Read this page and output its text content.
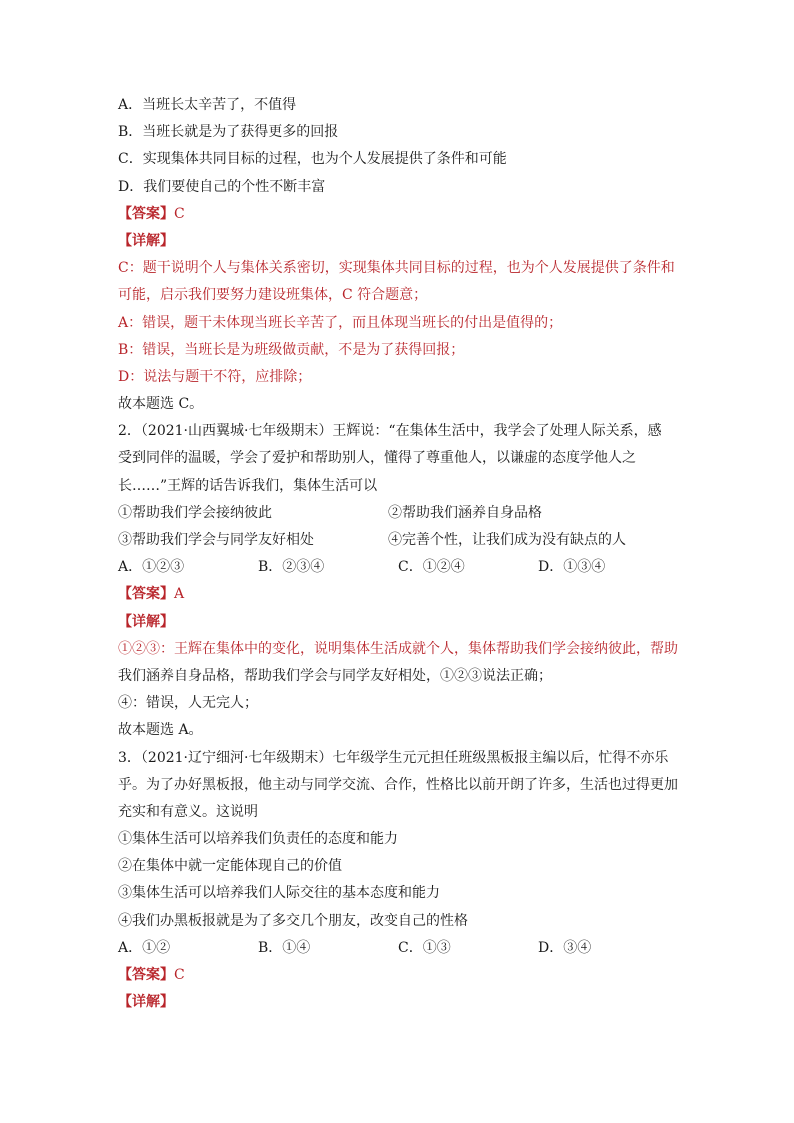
A．当班长太辛苦了，不值得
B．当班长就是为了获得更多的回报
C．实现集体共同目标的过程，也为个人发展提供了条件和可能
D．我们要使自己的个性不断丰富
【答案】C
【详解】
C：题干说明个人与集体关系密切，实现集体共同目标的过程，也为个人发展提供了条件和
可能，启示我们要努力建设班集体，C 符合题意；
A：错误，题干未体现当班长辛苦了，而且体现当班长的付出是值得的；
B：错误，当班长是为班级做贡献，不是为了获得回报；
D：说法与题干不符，应排除；
故本题选 C。
2．（2021·山西翼城·七年级期末）王辉说：“在集体生活中，我学会了处理人际关系，感
受到同伴的温暖，学会了爱护和帮助别人，懂得了尊重他人，以谦虚的态度学他人之
长……”王辉的话告诉我们，集体生活可以
①帮助我们学会接纳彼此	②帮助我们涵养自身品格
③帮助我们学会与同学友好相处	④完善个性，让我们成为没有缺点的人
A．①②③	B．②③④	C．①②④	D．①③④
【答案】A
【详解】
①②③：王辉在集体中的变化，说明集体生活成就个人，集体帮助我们学会接纳彼此，帮助
我们涵养自身品格，帮助我们学会与同学友好相处，①②③说法正确；
④：错误，人无完人；
故本题选 A。
3．（2021·辽宁细河·七年级期末）七年级学生元元担任班级黑板报主编以后，忙得不亦乐
乎。为了办好黑板报，他主动与同学交流、合作，性格比以前开朗了许多，生活也过得更加
充实和有意义。这说明
①集体生活可以培养我们负责任的态度和能力
②在集体中就一定能体现自己的价值
③集体生活可以培养我们人际交往的基本态度和能力
④我们办黑板报就是为了多交几个朋友，改变自己的性格
A．①②	B．①④	C．①③	D．③④
【答案】C
【详解】
